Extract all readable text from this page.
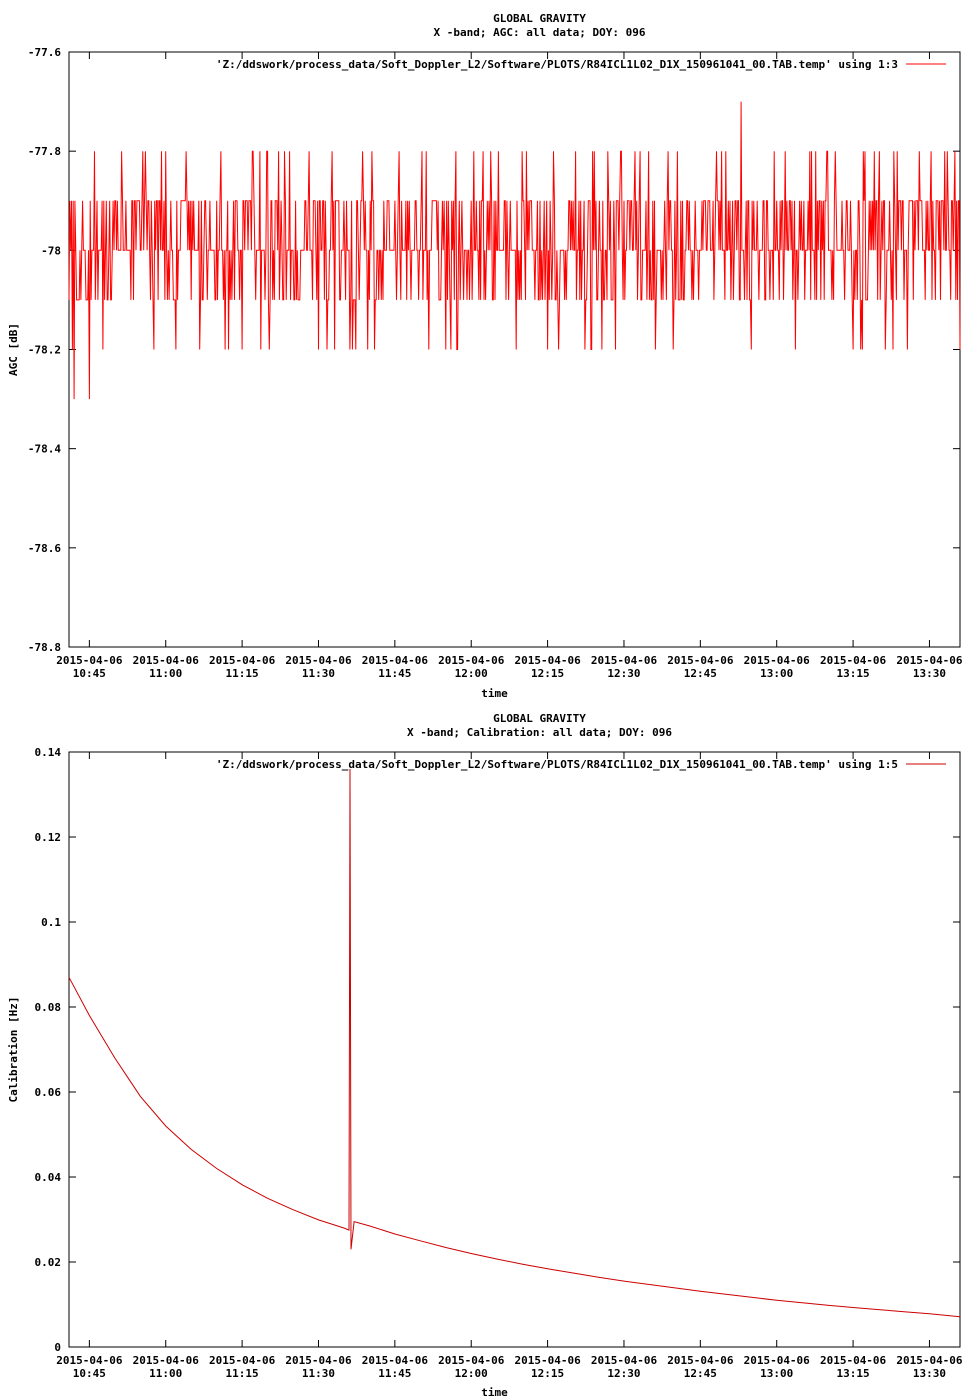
GLOBAL GRAVITY
X -band; AGC: all data; DOY: 096
-77.6
-77.8
-78
-78.2
-78.4
-78.6
-78.8
2015-04-06
10:45
2015-04-06
11:00
2015-04-06
11:15
2015-04-06
11:30
2015-04-06
11:45
2015-04-06
12:00
2015-04-06
12:15
2015-04-06
12:30
2015-04-06
12:45
2015-04-06
13:00
2015-04-06
13:15
2015-04-06
13:30
time
AGC [dB]
'Z:/ddswork/process_data/Soft_Doppler_L2/Software/PLOTS/R84ICL1L02_D1X_150961041_00.TAB.temp' using 1:3
GLOBAL GRAVITY
X -band; Calibration: all data; DOY: 096
0
0.02
0.04
0.06
0.08
0.1
0.12
0.14
2015-04-06
10:45
2015-04-06
11:00
2015-04-06
11:15
2015-04-06
11:30
2015-04-06
11:45
2015-04-06
12:00
2015-04-06
12:15
2015-04-06
12:30
2015-04-06
12:45
2015-04-06
13:00
2015-04-06
13:15
2015-04-06
13:30
time
Calibration [Hz]
'Z:/ddswork/process_data/Soft_Doppler_L2/Software/PLOTS/R84ICL1L02_D1X_150961041_00.TAB.temp' using 1:5
